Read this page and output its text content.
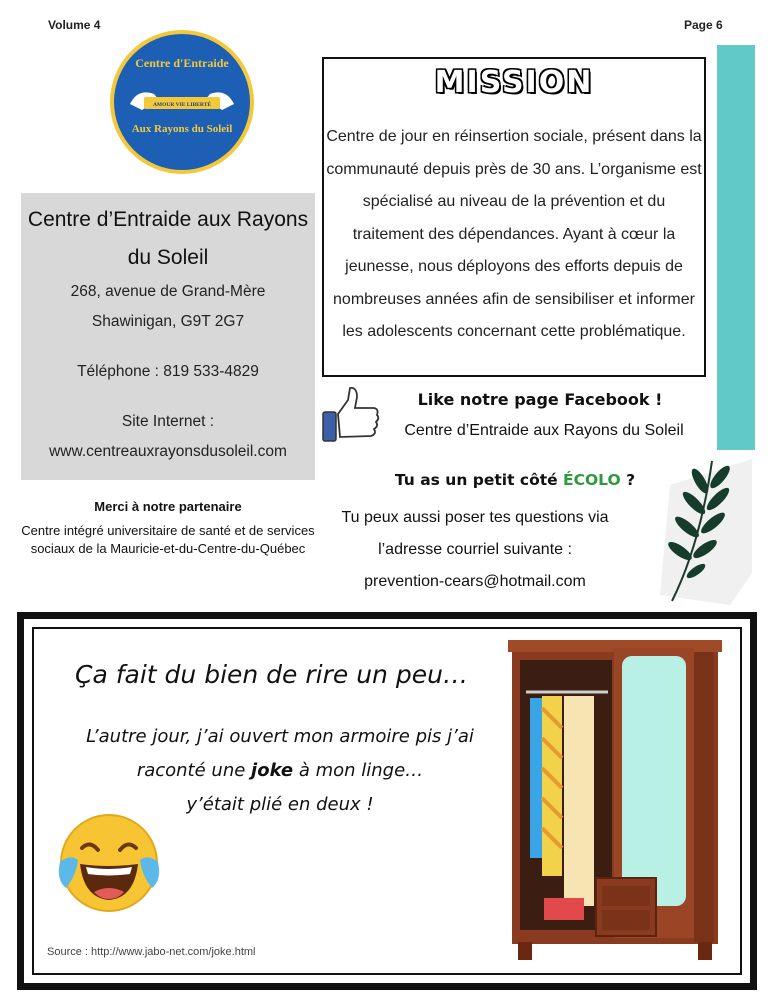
Volume 4	Page 6
Centre d'Entraide
AMOUR VIE LIBERTÉ
Aux Rayons du Soleil
Centre d’Entraide aux Rayons du Soleil
268, avenue de Grand-Mère
Shawinigan, G9T 2G7
Téléphone : 819 533-4829
Site Internet :
www.centreauxrayonsdusoleil.com
Merci à notre partenaire
Centre intégré universitaire de santé et de services sociaux de la Mauricie-et-du-Centre-du-Québec
MISSION
Centre de jour en réinsertion sociale, présent dans la communauté depuis près de 30 ans. L’organisme est spécialisé au niveau de la prévention et du traitement des dépendances. Ayant à cœur la jeunesse, nous déployons des efforts depuis de nombreuses années afin de sensibiliser et informer les adolescents concernant cette problématique.
Like notre page Facebook !
Centre d’Entraide aux Rayons du Soleil
Tu as un petit côté ÉCOLO ?
Tu peux aussi poser tes questions via l’adresse courriel suivante :
prevention-cears@hotmail.com
Ça fait du bien de rire un peu…
L’autre jour, j’ai ouvert mon armoire pis j’ai
raconté une joke à mon linge…
y’était plié en deux !
Source : http://www.jabo-net.com/joke.html
